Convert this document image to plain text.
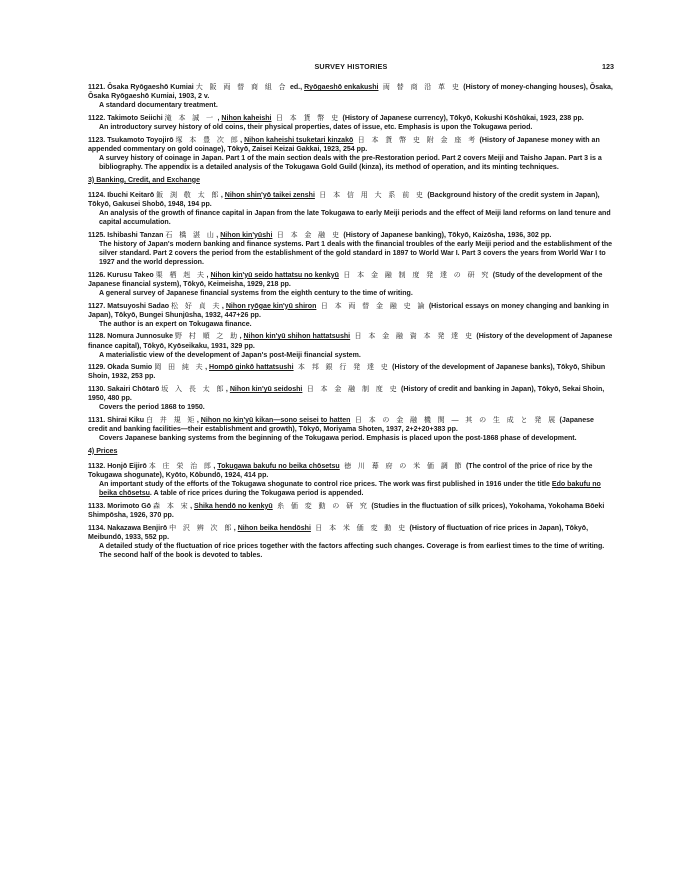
SURVEY HISTORIES	123
1121. Ōsaka Ryōgaeshō Kumiai 大 阪 両 替 商 組 合 ed., Ryōgaeshō enkakushi 両 替 商 沿 革 史 (History of money-changing houses), Ōsaka, Ōsaka Ryōgaeshō Kumiai, 1903, 2 v.
A standard documentary treatment.
1122. Takimoto Seiichi 滝 本 誠 一 , Nihon kaheishi 日 本 貨 幣 史 (History of Japanese currency), Tōkyō, Kokushi Kōshūkai, 1923, 238 pp.
An introductory survey history of old coins, their physical properties, dates of issue, etc. Emphasis is upon the Tokugawa period.
1123. Tsukamoto Toyojirō 塚 本 豊 次 郎, Nihon kaheishi tsuketari kinzakō 日 本 貨 幣 史 附 金 座 考 (History of Japanese money with an appended commentary on gold coinage), Tōkyō, Zaisei Keizai Gakkai, 1923, 254 pp.
A survey history of coinage in Japan. Part 1 of the main section deals with the pre-Restoration period. Part 2 covers Meiji and Taisho Japan. Part 3 is a bibliography. The appendix is a detailed analysis of the Tokugawa Gold Guild (kinza), its method of operation, and its minting techniques.
3) Banking, Credit, and Exchange
1124. Ibuchi Keitarō 飯 渕 敬 太 郎, Nihon shin'yō taikei zenshi 日 本 信 用 大 系 前 史 (Background history of the credit system in Japan), Tōkyō, Gakusei Shobō, 1948, 194 pp.
An analysis of the growth of finance capital in Japan from the late Tokugawa to early Meiji periods and the effect of Meiji land reforms on land tenure and capital accumulation.
1125. Ishibashi Tanzan 石 橋 湛 山, Nihon kin'yūshi 日 本 金 融 史 (History of Japanese banking), Tōkyō, Kaizōsha, 1936, 302 pp.
The history of Japan's modern banking and finance systems. Part 1 deals with the financial troubles of the early Meiji period and the establishment of the silver standard. Part 2 covers the period from the establishment of the gold standard in 1897 to World War I. Part 3 covers the years from World War I to 1927 and the world depression.
1126. Kurusu Takeo 栗 栖 赳 夫, Nihon kin'yū seido hattatsu no kenkyū 日 本 金 融 制 度 発 達 の 研 究 (Study of the development of the Japanese financial system), Tōkyō, Keimeisha, 1929, 218 pp.
A general survey of Japanese financial systems from the eighth century to the time of writing.
1127. Matsuyoshi Sadao 松 好 貞 夫, Nihon ryōgae kin'yū shiron 日 本 両 替 金 融 史 論 (Historical essays on money changing and banking in Japan), Tōkyō, Bungei Shunjūsha, 1932, 447+26 pp.
The author is an expert on Tokugawa finance.
1128. Nomura Junnosuke 野 村 順 之 助, Nihon kin'yū shihon hattatsushi 日 本 金 融 資 本 発 達 史 (History of the development of Japanese finance capital), Tōkyō, Kyōseikaku, 1931, 329 pp.
A materialistic view of the development of Japan's post-Meiji financial system.
1129. Okada Sumio 岡 田 純 夫, Hompō ginkō hattatsushi 本 邦 銀 行 発 達 史 (History of the development of Japanese banks), Tōkyō, Shibun Shoin, 1932, 253 pp.
1130. Sakairi Chōtarō 坂 入 長 太 郎, Nihon kin'yū seidoshi 日 本 金 融 制 度 史 (History of credit and banking in Japan), Tōkyō, Sekai Shoin, 1950, 480 pp.
Covers the period 1868 to 1950.
1131. Shirai Kiku 白 井 規 矩, Nihon no kin'yū kikan—sono seisei to hatten 日 本 の 金 融 機 関 ― 其 の 生 成 と 発 展 (Japanese credit and banking facilities—their establishment and growth), Tōkyō, Moriyama Shoten, 1937, 2+2+20+383 pp.
Covers Japanese banking systems from the beginning of the Tokugawa period. Emphasis is placed upon the post-1868 phase of development.
4) Prices
1132. Honjō Eijirō 本 庄 栄 治 郎, Tokugawa bakufu no beika chōsetsu 徳 川 幕 府 の 米 価 調 節 (The control of the price of rice by the Tokugawa shogunate), Kyōto, Kōbundō, 1924, 414 pp.
An important study of the efforts of the Tokugawa shogunate to control rice prices. The work was first published in 1916 under the title Edo bakufu no beika chōsetsu. A table of rice prices during the Tokugawa period is appended.
1133. Morimoto Gō 森 本 宋, Shika hendō no kenkyū 糸 価 変 動 の 研 究 (Studies in the fluctuation of silk prices), Yokohama, Yokohama Bōeki Shimpōsha, 1926, 370 pp.
1134. Nakazawa Benjirō 中 沢 辨 次 郎, Nihon beika hendōshi 日 本 米 価 変 動 史 (History of fluctuation of rice prices in Japan), Tōkyō, Meibundō, 1933, 552 pp.
A detailed study of the fluctuation of rice prices together with the factors affecting such changes. Coverage is from earliest times to the time of writing. The second half of the book is devoted to tables.
